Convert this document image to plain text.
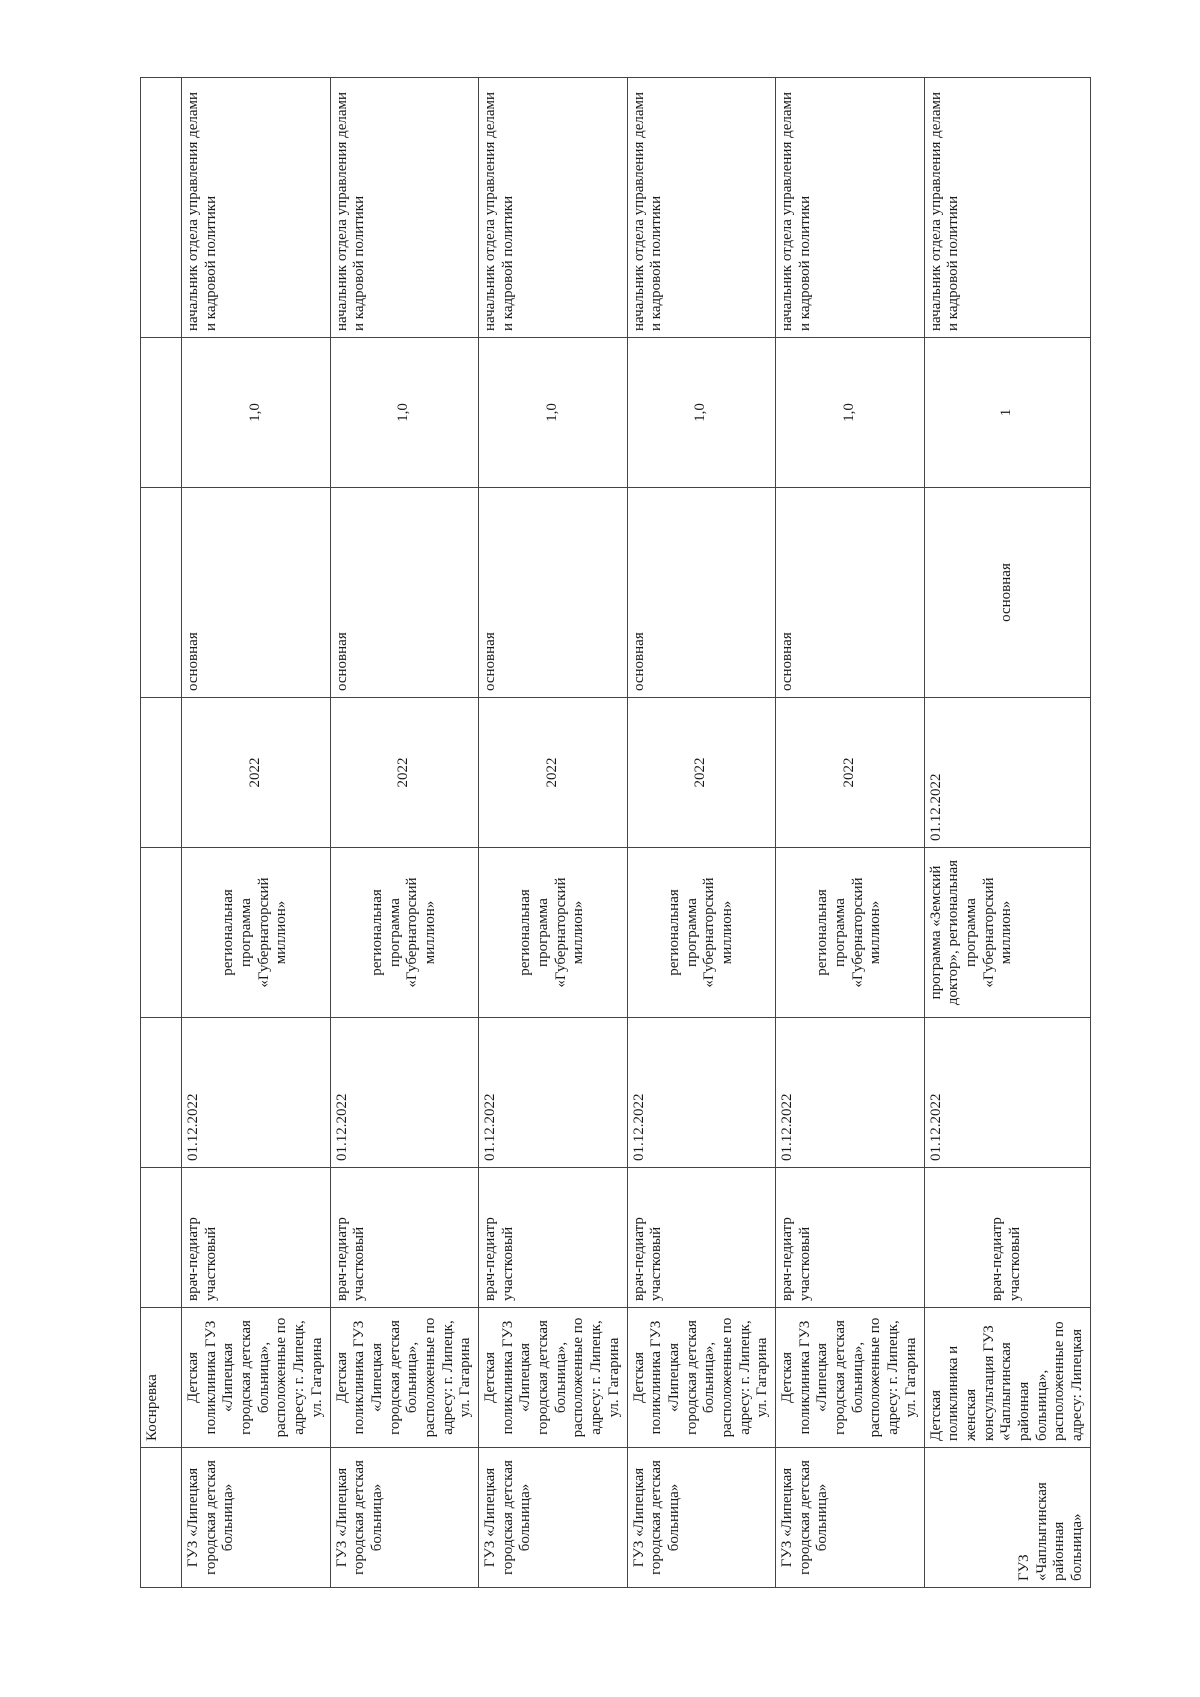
	Коснревка							
ГУЗ «Липецкая городская детская больница»	Детская поликлиника ГУЗ «Липецкая городская детская больница», расположенные по адресу: г. Липецк, ул. Гагарина	врач-педиатр участковый	01.12.2022	региональная программа «Губернаторский миллион»	2022	основная	1,0	начальник отдела управления делами и кадровой политики
ГУЗ «Липецкая городская детская больница»	Детская поликлиника ГУЗ «Липецкая городская детская больница», расположенные по адресу: г. Липецк, ул. Гагарина	врач-педиатр участковый	01.12.2022	региональная программа «Губернаторский миллион»	2022	основная	1,0	начальник отдела управления делами и кадровой политики
ГУЗ «Липецкая городская детская больница»	Детская поликлиника ГУЗ «Липецкая городская детская больница», расположенные по адресу: г. Липецк, ул. Гагарина	врач-педиатр участковый	01.12.2022	региональная программа «Губернаторский миллион»	2022	основная	1,0	начальник отдела управления делами и кадровой политики
ГУЗ «Липецкая городская детская больница»	Детская поликлиника ГУЗ «Липецкая городская детская больница», расположенные по адресу: г. Липецк, ул. Гагарина	врач-педиатр участковый	01.12.2022	региональная программа «Губернаторский миллион»	2022	основная	1,0	начальник отдела управления делами и кадровой политики
ГУЗ «Липецкая городская детская больница»	Детская поликлиника ГУЗ «Липецкая городская детская больница», расположенные по адресу: г. Липецк, ул. Гагарина	врач-педиатр участковый	01.12.2022	региональная программа «Губернаторский миллион»	2022	основная	1,0	начальник отдела управления делами и кадровой политики
ГУЗ «Чаплыгинская районная больница»	Детская поликлиника и женская консультация ГУЗ «Чаплыгинская районная больница», расположенные по адресу: Липецкая	врач-педиатр участковый	01.12.2022	программа «Земский доктор», региональная программа «Губернаторский миллион»	01.12.2022	основная	1	начальник отдела управления делами и кадровой политики
